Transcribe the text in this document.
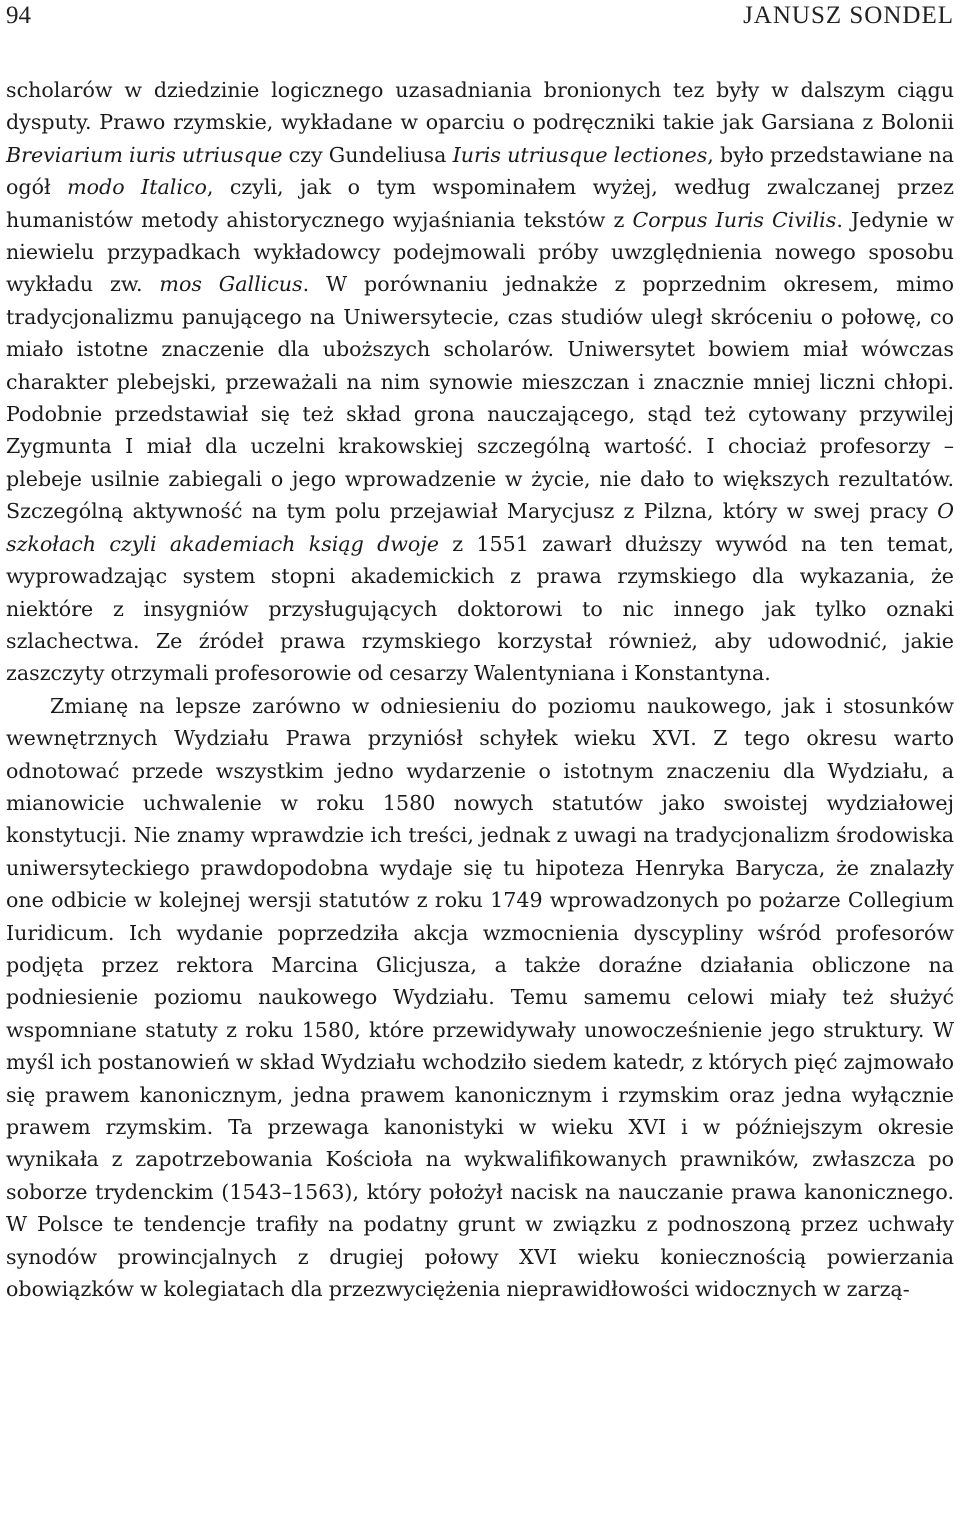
94	JANUSZ SONDEL

scholarów w dziedzinie logicznego uzasadniania bronionych tez były w dalszym ciągu dysputy. Prawo rzymskie, wykładane w oparciu o podręczniki takie jak Garsiana z Bolonii Breviarium iuris utriusque czy Gundeliusa Iuris utriusque lectiones, było przedstawiane na ogół modo Italico, czyli, jak o tym wspominałem wyżej, według zwalczanej przez humanistów metody ahistorycznego wyjaśniania tekstów z Corpus Iuris Civilis. Jedynie w niewielu przypadkach wykładowcy podejmowali próby uwzględnienia nowego sposobu wykładu zw. mos Gallicus. W porównaniu jednakże z poprzednim okresem, mimo tradycjonalizmu panującego na Uniwersytecie, czas studiów uległ skróceniu o połowę, co miało istotne znaczenie dla uboższych scholarów. Uniwersytet bowiem miał wówczas charakter plebejski, przeważali na nim synowie mieszczan i znacznie mniej liczni chłopi. Podobnie przedstawiał się też skład grona nauczającego, stąd też cytowany przywilej Zygmunta I miał dla uczelni krakowskiej szczególną wartość. I chociaż profesorzy – plebeje usilnie zabiegali o jego wprowadzenie w życie, nie dało to większych rezultatów. Szczególną aktywność na tym polu przejawiał Marycjusz z Pilzna, który w swej pracy O szkołach czyli akademiach ksiąg dwoje z 1551 zawarł dłuższy wywód na ten temat, wyprowadzając system stopni akademickich z prawa rzymskiego dla wykazania, że niektóre z insygniów przysługujących doktorowi to nic innego jak tylko oznaki szlachectwa. Ze źródeł prawa rzymskiego korzystał również, aby udowodnić, jakie zaszczyty otrzymali profesorowie od cesarzy Walentyniana i Konstantyna.

Zmianę na lepsze zarówno w odniesieniu do poziomu naukowego, jak i stosunków wewnętrznych Wydziału Prawa przyniósł schyłek wieku XVI. Z tego okresu warto odnotować przede wszystkim jedno wydarzenie o istotnym znaczeniu dla Wydziału, a mianowicie uchwalenie w roku 1580 nowych statutów jako swoistej wydziałowej konstytucji. Nie znamy wprawdzie ich treści, jednak z uwagi na tradycjonalizm środowiska uniwersyteckiego prawdopodobna wydaje się tu hipoteza Henryka Barycza, że znalazły one odbicie w kolejnej wersji statutów z roku 1749 wprowadzonych po pożarze Collegium Iuridicum. Ich wydanie poprzedziła akcja wzmocnienia dyscypliny wśród profesorów podjęta przez rektora Marcina Glicjusza, a także doraźne działania obliczone na podniesienie poziomu naukowego Wydziału. Temu samemu celowi miały też służyć wspomniane statuty z roku 1580, które przewidywały unowocześnienie jego struktury. W myśl ich postanowień w skład Wydziału wchodziło siedem katedr, z których pięć zajmowało się prawem kanonicznym, jedna prawem kanonicznym i rzymskim oraz jedna wyłącznie prawem rzymskim. Ta przewaga kanonistyki w wieku XVI i w późniejszym okresie wynikała z zapotrzebowania Kościoła na wykwalifikowanych prawników, zwłaszcza po soborze trydenckim (1543–1563), który położył nacisk na nauczanie prawa kanonicznego. W Polsce te tendencje trafiły na podatny grunt w związku z podnoszoną przez uchwały synodów prowincjalnych z drugiej połowy XVI wieku koniecznością powierzania obowiązków w kolegiatach dla przezwyciężenia nieprawidłowości widocznych w zarzą-
